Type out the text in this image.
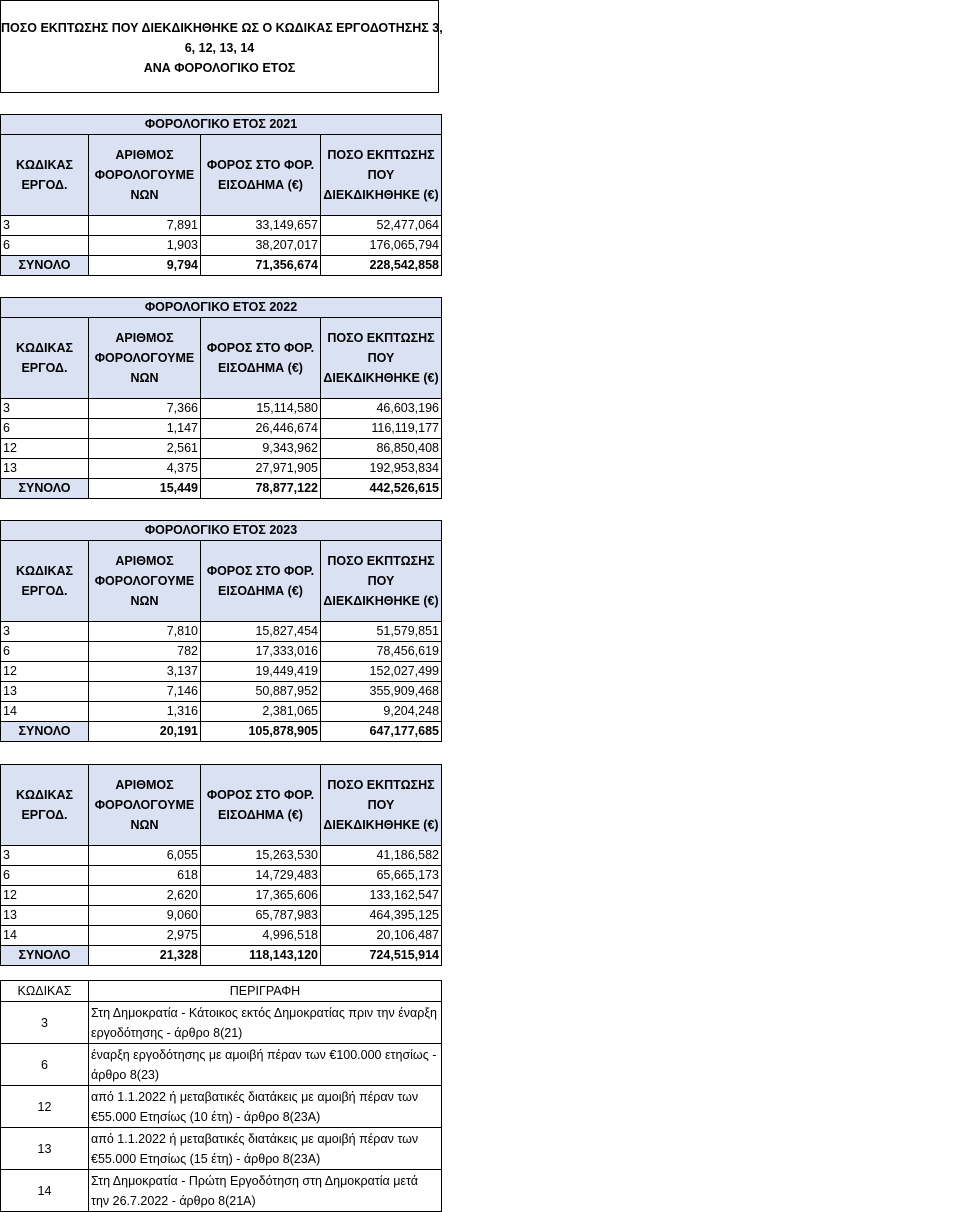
ΠΟΣΟ ΕΚΠΤΩΣΗΣ ΠΟΥ ΔΙΕΚΔΙΚΗΘΗΚΕ ΩΣ Ο ΚΩΔΙΚΑΣ ΕΡΓΟΔΟΤΗΣΗΣ 3,
6, 12, 13, 14
ΑΝΑ ΦΟΡΟΛΟΓΙΚΟ ΕΤΟΣ
ΦΟΡΟΛΟΓΙΚΟ ΕΤΟΣ 2021			
ΚΩΔΙΚΑΣ ΕΡΓΟΔ.	ΑΡΙΘΜΟΣ ΦΟΡΟΛΟΓΟΥΜΕ ΝΩΝ	ΦΟΡΟΣ ΣΤΟ ΦΟΡ. ΕΙΣΟΔΗΜΑ (€)	ΠΟΣΟ ΕΚΠΤΩΣΗΣ ΠΟΥ ΔΙΕΚΔΙΚΗΘΗΚΕ (€)
3	7,891	33,149,657	52,477,064
6	1,903	38,207,017	176,065,794
ΣΥΝΟΛΟ	9,794	71,356,674	228,542,858
ΦΟΡΟΛΟΓΙΚΟ ΕΤΟΣ 2022			
ΚΩΔΙΚΑΣ ΕΡΓΟΔ.	ΑΡΙΘΜΟΣ ΦΟΡΟΛΟΓΟΥΜΕ ΝΩΝ	ΦΟΡΟΣ ΣΤΟ ΦΟΡ. ΕΙΣΟΔΗΜΑ (€)	ΠΟΣΟ ΕΚΠΤΩΣΗΣ ΠΟΥ ΔΙΕΚΔΙΚΗΘΗΚΕ (€)
3	7,366	15,114,580	46,603,196
6	1,147	26,446,674	116,119,177
12	2,561	9,343,962	86,850,408
13	4,375	27,971,905	192,953,834
ΣΥΝΟΛΟ	15,449	78,877,122	442,526,615
ΦΟΡΟΛΟΓΙΚΟ ΕΤΟΣ 2023			
ΚΩΔΙΚΑΣ ΕΡΓΟΔ.	ΑΡΙΘΜΟΣ ΦΟΡΟΛΟΓΟΥΜΕ ΝΩΝ	ΦΟΡΟΣ ΣΤΟ ΦΟΡ. ΕΙΣΟΔΗΜΑ (€)	ΠΟΣΟ ΕΚΠΤΩΣΗΣ ΠΟΥ ΔΙΕΚΔΙΚΗΘΗΚΕ (€)
3	7,810	15,827,454	51,579,851
6	782	17,333,016	78,456,619
12	3,137	19,449,419	152,027,499
13	7,146	50,887,952	355,909,468
14	1,316	2,381,065	9,204,248
ΣΥΝΟΛΟ	20,191	105,878,905	647,177,685
ΚΩΔΙΚΑΣ ΕΡΓΟΔ.	ΑΡΙΘΜΟΣ ΦΟΡΟΛΟΓΟΥΜΕ ΝΩΝ	ΦΟΡΟΣ ΣΤΟ ΦΟΡ. ΕΙΣΟΔΗΜΑ (€)	ΠΟΣΟ ΕΚΠΤΩΣΗΣ ΠΟΥ ΔΙΕΚΔΙΚΗΘΗΚΕ (€)
3	6,055	15,263,530	41,186,582
6	618	14,729,483	65,665,173
12	2,620	17,365,606	133,162,547
13	9,060	65,787,983	464,395,125
14	2,975	4,996,518	20,106,487
ΣΥΝΟΛΟ	21,328	118,143,120	724,515,914
ΚΩΔΙΚΑΣ	ΠΕΡΙΓΡΑΦΗ
3	Στη Δημοκρατία - Κάτοικος εκτός Δημοκρατίας πριν την έναρξη εργοδότησης - άρθρο 8(21)
6	έναρξη εργοδότησης με αμοιβή πέραν των €100.000 ετησίως - άρθρο 8(23)
12	από 1.1.2022 ή μεταβατικές διατάκεις με αμοιβή πέραν των €55.000 Ετησίως (10 έτη) - άρθρο 8(23Α)
13	από 1.1.2022 ή μεταβατικές διατάκεις με αμοιβή πέραν των €55.000 Ετησίως (15 έτη) - άρθρο 8(23Α)
14	Στη Δημοκρατία - Πρώτη Εργοδότηση στη Δημοκρατία μετά την 26.7.2022 - άρθρο 8(21Α)
